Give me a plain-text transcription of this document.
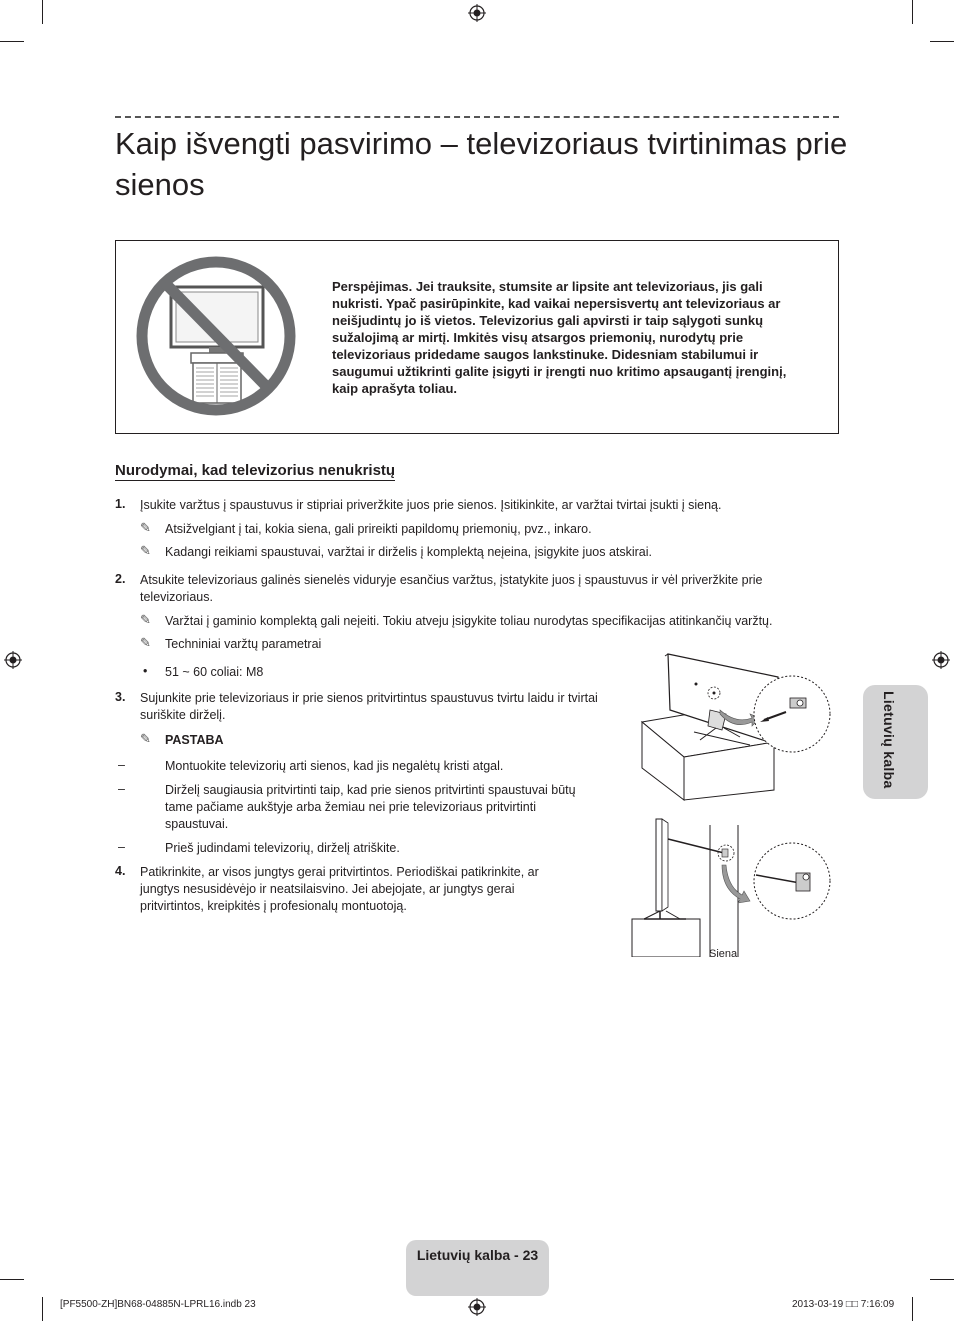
Kaip išvengti pasvirimo – televizoriaus tvirtinimas prie
sienos
Perspėjimas. Jei trauksite, stumsite ar lipsite ant televizoriaus, jis gali nukristi. Ypač pasirūpinkite, kad vaikai nepersisvertų ant televizoriaus ar neišjudintų jo iš vietos. Televizorius gali apvirsti ir taip sąlygoti sunkų sužalojimą ar mirtį. Imkitės visų atsargos priemonių, nurodytų prie televizoriaus pridedame saugos lankstinuke. Didesniam stabilumui ir saugumui užtikrinti galite įsigyti ir įrengti nuo kritimo apsaugantį įrenginį, kaip aprašyta toliau.
Nurodymai, kad televizorius nenukristų
1. Įsukite varžtus į spaustuvus ir stipriai priveržkite juos prie sienos. Įsitikinkite, ar varžtai tvirtai įsukti į sieną.
✎ Atsižvelgiant į tai, kokia siena, gali prireikti papildomų priemonių, pvz., inkaro.
✎ Kadangi reikiami spaustuvai, varžtai ir dirželis į komplektą neįeina, įsigykite juos atskirai.
2. Atsukite televizoriaus galinės sienelės viduryje esančius varžtus, įstatykite juos į spaustuvus ir vėl priveržkite prie televizoriaus.
✎ Varžtai į gaminio komplektą gali neįeiti. Tokiu atveju įsigykite toliau nurodytas specifikacijas atitinkančių varžtų.
✎ Techniniai varžtų parametrai
• 51 ~ 60 coliai: M8
3. Sujunkite prie televizoriaus ir prie sienos pritvirtintus spaustuvus tvirtu laidu ir tvirtai suriškite dirželį.
✎ PASTABA
–	Montuokite televizorių arti sienos, kad jis negalėtų kristi atgal.
–	Dirželį saugiausia pritvirtinti taip, kad prie sienos pritvirtinti spaustuvai būtų tame pačiame aukštyje arba žemiau nei prie televizoriaus pritvirtinti spaustuvai.
–	Prieš judindami televizorių, dirželį atriškite.
4. Patikrinkite, ar visos jungtys gerai pritvirtintos. Periodiškai patikrinkite, ar jungtys nesusidėvėjo ir neatsilaisvino. Jei abejojate, ar jungtys gerai pritvirtintos, kreipkitės į profesionalų montuotoją.
Siena
Lietuvių kalba
Lietuvių kalba - 23
[PF5500-ZH]BN68-04885N-LPRL16.indb 23	2013-03-19 □□ 7:16:09
